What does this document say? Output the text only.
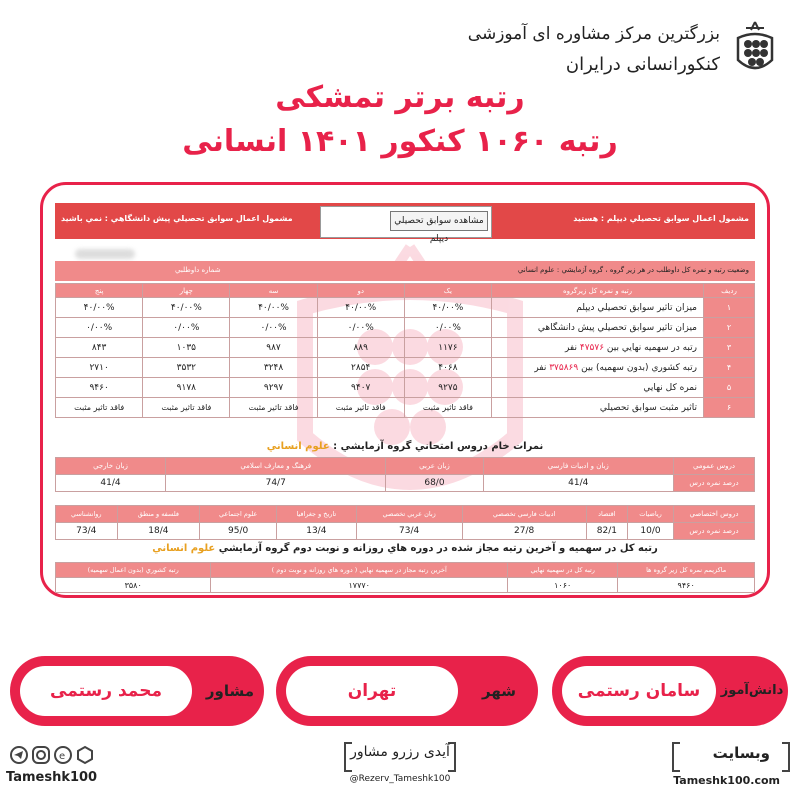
بزرگترین مرکز مشاوره ای آموزشی
کنکورانسانی درایران
رتبه برتر تمشکی
رتبه ۱۰۶۰ کنکور ۱۴۰۱ انسانی
مشمول اعمال سوابق تحصيلي ديپلم : هستيد
مشمول اعمال سوابق تحصيلي پيش دانشگاهي : نمي باشيد	مشاهده سوابق تحصيلي ديپلم
وضعيت رتبه و نمره كل داوطلب در هر زير گروه ، گروه آزمايشي : علوم انساني
شماره داوطلبي
رديف	رتبه و نمره كل زيرگروه	يک	دو	سه	چهار	پنج
۱	ميزان تاثير سوابق تحصيلي ديپلم	۴۰/۰۰%	۴۰/۰۰%	۴۰/۰۰%	۴۰/۰۰%	۴۰/۰۰%
۲	ميزان تاثير سوابق تحصيلي پيش دانشگاهي	۰/۰۰%	۰/۰۰%	۰/۰۰%	۰/۰۰%	۰/۰۰%
۳	رتبه در سهميه نهايي بين ۴۷۵۷۶ نفر	۱۱۷۶	۸۸۹	۹۸۷	۱۰۳۵	۸۴۳
۴	رتبه كشوري (بدون سهميه) بين ۳۷۵۸۶۹ نفر	۴۰۶۸	۲۸۵۴	۳۲۴۸	۳۵۳۲	۲۷۱۰
۵	نمره كل نهايي	۹۲۷۵	۹۴۰۷	۹۲۹۷	۹۱۷۸	۹۴۶۰
۶	تاثير مثبت سوابق تحصيلي	فاقد تاثير مثبت	فاقد تاثير مثبت	فاقد تاثير مثبت	فاقد تاثير مثبت	فاقد تاثير مثبت
نمرات خام دروس امتحاني گروه آزمايشي : علوم انساني
دروس عمومي	زبان و ادبيات فارسي	زبان عربي	فرهنگ و معارف اسلامي	زبان خارجي
درصد نمره درس	41/4	68/0	74/7	41/4
دروس اختصاصي	رياضيات	اقتصاد	ادبيات فارسي تخصصي	زبان عربي تخصصي	تاريخ و جغرافيا	علوم اجتماعي	فلسفه و منطق	روانشناسي
درصد نمره درس	10/0	82/1	27/8	73/4	13/4	95/0	18/4	73/4
رتبه كل در سهميه و آخرين رتبه مجاز شده در دوره هاي روزانه و نوبت دوم گروه آزمايشي علوم انساني
ماكزيمم نمره كل زير گروه ها	رتبه كل در سهميه نهايي	آخرين رتبه مجاز در سهميه نهايي ( دوره هاي روزانه و نوبت دوم )	رتبه كشوري (بدون اعمال سهميه)
۹۴۶۰	۱۰۶۰	۱۷۷۷۰	۳۵۸۰
دانش‌آموز
سامان رستمی
شهر
تهران
مشاور
محمد رستمی
e
Tameshk100
آیدی رزرو مشاور
@Rezerv_Tameshk100
وبسایت
Tameshk100.com
